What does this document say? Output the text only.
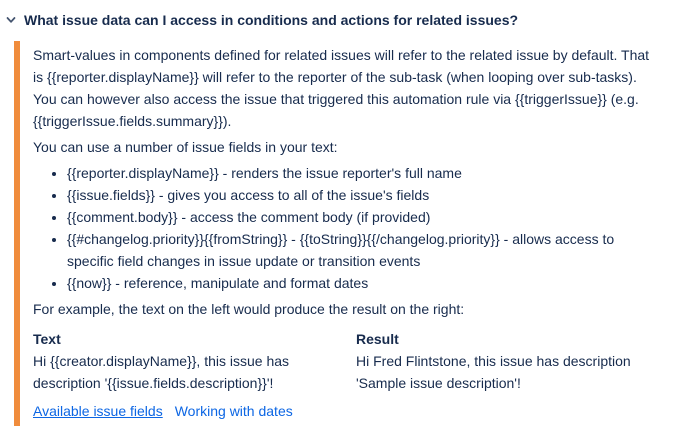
What issue data can I access in conditions and actions for related issues?

Smart-values in components defined for related issues will refer to the related issue by default. That is {{reporter.displayName}} will refer to the reporter of the sub-task (when looping over sub-tasks). You can however also access the issue that triggered this automation rule via {{triggerIssue}} (e.g. {{triggerIssue.fields.summary}}).

You can use a number of issue fields in your text:

• {{reporter.displayName}} - renders the issue reporter's full name
• {{issue.fields}} - gives you access to all of the issue's fields
• {{comment.body}} - access the comment body (if provided)
• {{#changelog.priority}}{{fromString}} - {{toString}}{{/changelog.priority}} - allows access to specific field changes in issue update or transition events
• {{now}} - reference, manipulate and format dates

For example, the text on the left would produce the result on the right:

Text
Hi {{creator.displayName}}, this issue has description '{{issue.fields.description}}'!
Result
Hi Fred Flintstone, this issue has description 'Sample issue description'!
Available issue fields Working with dates
